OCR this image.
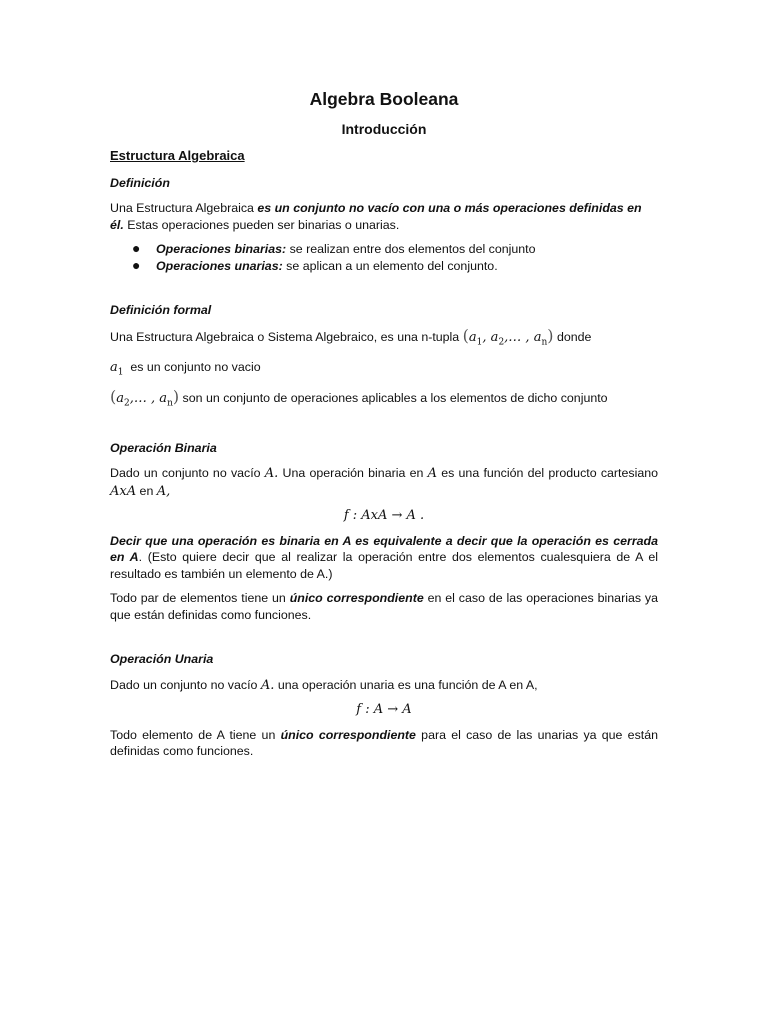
Algebra Booleana
Introducción
Estructura Algebraica
Definición

Una Estructura Algebraica es un conjunto no vacío con una o más operaciones definidas en él. Estas operaciones pueden ser binarias o unarias.

● Operaciones binarias: se realizan entre dos elementos del conjunto
● Operaciones unarias: se aplican a un elemento del conjunto.
Definición formal

Una Estructura Algebraica o Sistema Algebraico, es una n-tupla ($a_1$, $a_2,\dots$ , $a_n$) donde

$a_1$ es un conjunto no vacio

($a_2,\dots$ , $a_n$) son un conjunto de operaciones aplicables a los elementos de dicho conjunto

Operación Binaria

Dado un conjunto no vacío A. Una operación binaria en A es una función del producto cartesiano AxA en A,

f : AxA → A .

Decir que una operación es binaria en A es equivalente a decir que la operación es cerrada en A. (Esto quiere decir que al realizar la operación entre dos elementos cualesquiera de A el resultado es también un elemento de A.)

Todo par de elementos tiene un único correspondiente en el caso de las operaciones binarias ya que están definidas como funciones.

Operación Unaria

Dado un conjunto no vacío A. una operación unaria es una función de A en A,

f : A → A

Todo elemento de A tiene un único correspondiente para el caso de las unarias ya que están definidas como funciones.
